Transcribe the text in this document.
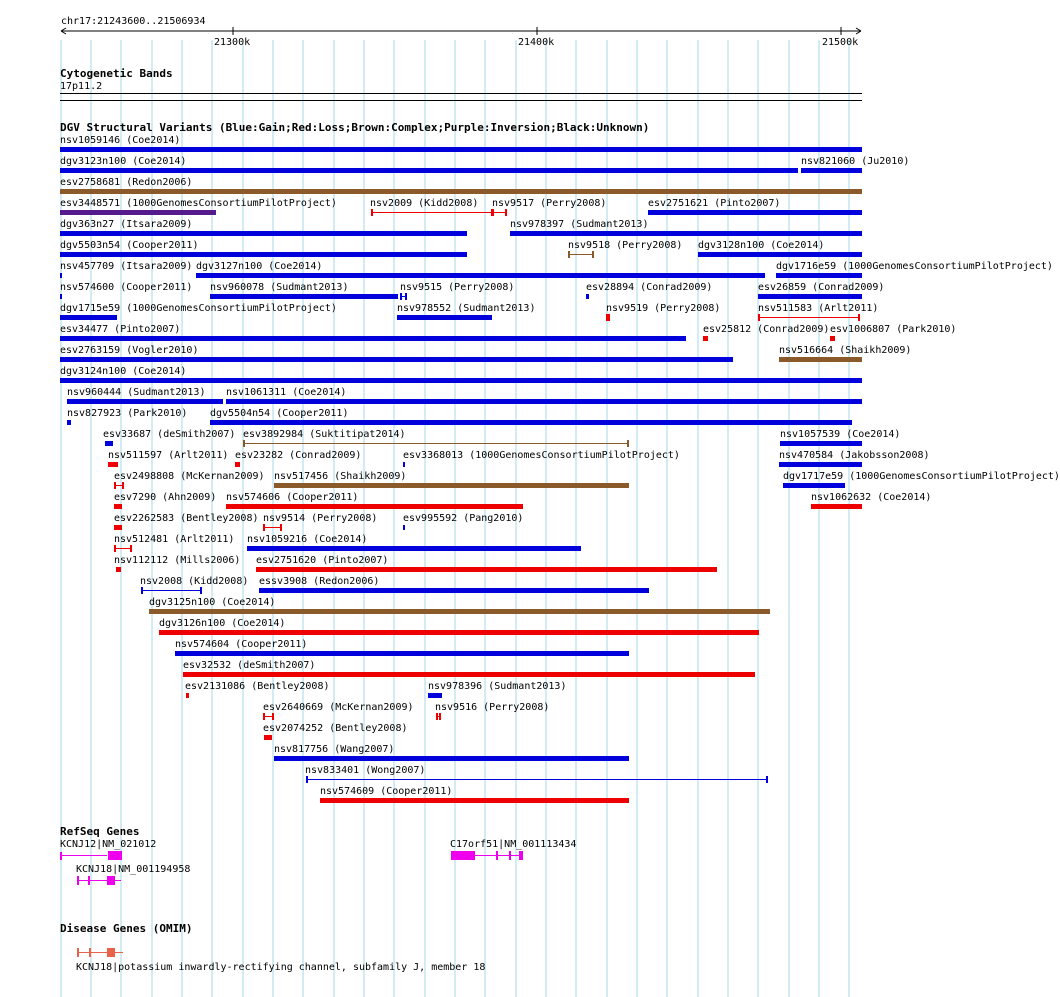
chr17:21243600..21506934
21300k	21400k	21500k
Cytogenetic Bands
17p11.2
DGV Structural Variants (Blue:Gain;Red:Loss;Brown:Complex;Purple:Inversion;Black:Unknown)
nsv1059146 (Coe2014)
dgv3123n100 (Coe2014)	nsv821060 (Ju2010)
esv2758681 (Redon2006)
esv3448571 (1000GenomesConsortiumPilotProject)	nsv2009 (Kidd2008) nsv9517 (Perry2008)	esv2751621 (Pinto2007)
dgv363n27 (Itsara2009)	nsv978397 (Sudmant2013)
dgv5503n54 (Cooper2011)	nsv9518 (Perry2008) dgv3128n100 (Coe2014)
nsv457709 (Itsara2009) dgv3127n100 (Coe2014)	dgv1716e59 (1000GenomesConsortiumPilotProject)
nsv574600 (Cooper2011) nsv960078 (Sudmant2013)	nsv9515 (Perry2008)	esv28894 (Conrad2009)	esv26859 (Conrad2009)
dgv1715e59 (1000GenomesConsortiumPilotProject)	nsv978552 (Sudmant2013)	nsv9519 (Perry2008)	nsv511583 (Arlt2011)
esv34477 (Pinto2007)	esv25812 (Conrad2009) esv1006807 (Park2010)
esv2763159 (Vogler2010)	nsv516664 (Shaikh2009)
dgv3124n100 (Coe2014)
nsv960444 (Sudmant2013) nsv1061311 (Coe2014)
nsv827923 (Park2010) dgv5504n54 (Cooper2011)
esv33687 (deSmith2007) esv3892984 (Suktitipat2014)	nsv1057539 (Coe2014)
nsv511597 (Arlt2011) esv23282 (Conrad2009)	esv3368013 (1000GenomesConsortiumPilotProject)	nsv470584 (Jakobsson2008)
esv2498808 (McKernan2009) nsv517456 (Shaikh2009)	dgv1717e59 (1000GenomesConsortiumPilotProject)
esv7290 (Ahn2009) nsv574606 (Cooper2011)	nsv1062632 (Coe2014)
esv2262583 (Bentley2008) nsv9514 (Perry2008)	esv995592 (Pang2010)
nsv512481 (Arlt2011) nsv1059216 (Coe2014)
nsv112112 (Mills2006) esv2751620 (Pinto2007)
nsv2008 (Kidd2008) essv3908 (Redon2006)
dgv3125n100 (Coe2014)
dgv3126n100 (Coe2014)
nsv574604 (Cooper2011)
esv32532 (deSmith2007)
esv2131086 (Bentley2008)	nsv978396 (Sudmant2013)
esv2640669 (McKernan2009) nsv9516 (Perry2008)
esv2074252 (Bentley2008)
nsv817756 (Wang2007)
nsv833401 (Wong2007)
nsv574609 (Cooper2011)
KCNJ12|NM_021012	C17orf51|NM_001113434
KCNJ18|NM_001194958
KCNJ18|potassium inwardly-rectifying channel, subfamily J, member 18
RefSeq Genes
Disease Genes (OMIM)
